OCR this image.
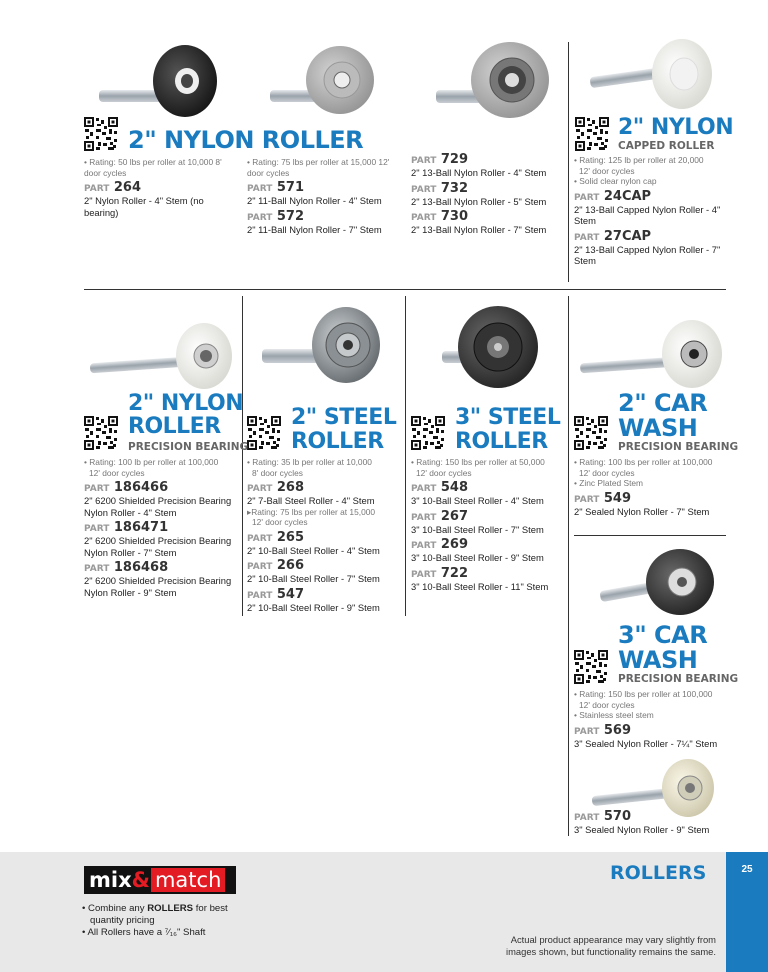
2" NYLON ROLLER
• Rating: 50 lbs per roller at 10,000 8' door cycles
PART 264
2" Nylon Roller - 4" Stem (no bearing)
• Rating: 75 lbs per roller at 15,000 12' door cycles
PART 571
2" 11-Ball Nylon Roller - 4" Stem
PART 572
2" 11-Ball Nylon Roller - 7" Stem
PART 729
2" 13-Ball Nylon Roller - 4" Stem
PART 732
2" 13-Ball Nylon Roller - 5" Stem
PART 730
2" 13-Ball Nylon Roller - 7" Stem
2" NYLON
CAPPED ROLLER
• Rating: 125 lb per roller at 20,000
12' door cycles
• Solid clear nylon cap
PART 24CAP
2" 13-Ball Capped Nylon Roller - 4" Stem
PART 27CAP
2" 13-Ball Capped Nylon Roller - 7" Stem
2" NYLON
ROLLER
PRECISION BEARING
• Rating: 100 lb per roller at 100,000
12' door cycles
PART 186466
2" 6200 Shielded Precision Bearing Nylon Roller - 4" Stem
PART 186471
2" 6200 Shielded Precision Bearing Nylon Roller - 7" Stem
PART 186468
2" 6200 Shielded Precision Bearing Nylon Roller - 9" Stem
2" STEEL
ROLLER
• Rating: 35 lb per roller at 10,000
8' door cycles
PART 268
2" 7-Ball Steel Roller - 4" Stem
▸Rating: 75 lbs per roller at 15,000
12' door cycles
PART 265
2" 10-Ball Steel Roller - 4" Stem
PART 266
2" 10-Ball Steel Roller - 7" Stem
PART 547
2" 10-Ball Steel Roller - 9" Stem
3" STEEL
ROLLER
• Rating: 150 lbs per roller at 50,000
12' door cycles
PART 548
3" 10-Ball Steel Roller - 4" Stem
PART 267
3" 10-Ball Steel Roller - 7" Stem
PART 269
3" 10-Ball Steel Roller - 9" Stem
PART 722
3" 10-Ball Steel Roller - 11" Stem
2" CAR
WASH
PRECISION BEARING
• Rating: 100 lbs per roller at 100,000
12' door cycles
• Zinc Plated Stem
PART 549
2" Sealed Nylon Roller - 7" Stem
3" CAR
WASH
PRECISION BEARING
• Rating: 150 lbs per roller at 100,000
12' door cycles
• Stainless steel stem
PART 569
3" Sealed Nylon Roller - 7¼" Stem
PART 570
3" Sealed Nylon Roller - 9" Stem
25
mix & match
• Combine any ROLLERS for best
quantity pricing
• All Rollers have a ⁷⁄₁₆" Shaft
ROLLERS
Actual product appearance may vary slightly from
images shown, but functionality remains the same.
